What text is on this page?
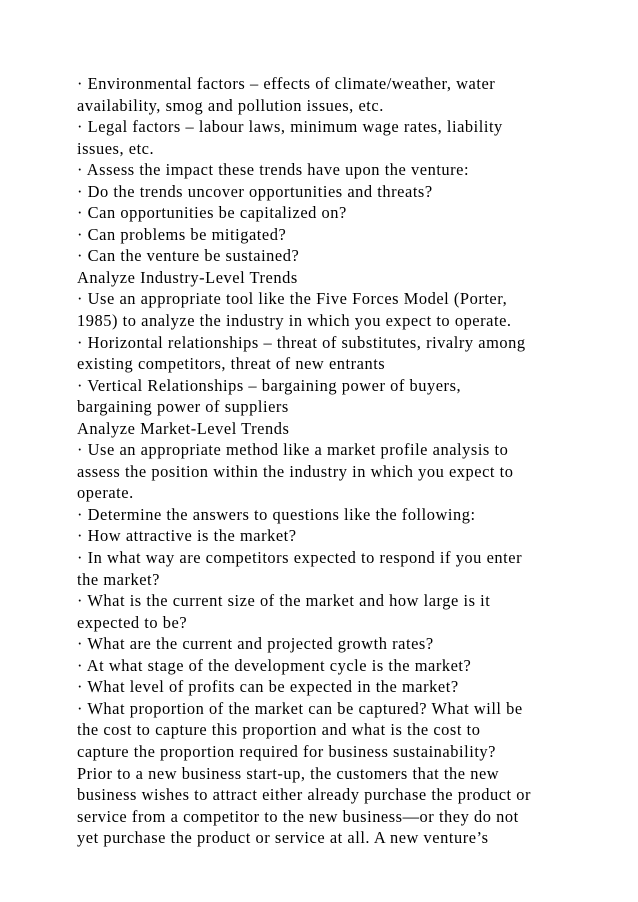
· Environmental factors – effects of climate/weather, water
availability, smog and pollution issues, etc.
· Legal factors – labour laws, minimum wage rates, liability
issues, etc.
· Assess the impact these trends have upon the venture:
· Do the trends uncover opportunities and threats?
· Can opportunities be capitalized on?
· Can problems be mitigated?
· Can the venture be sustained?
Analyze Industry-Level Trends
· Use an appropriate tool like the Five Forces Model (Porter,
1985) to analyze the industry in which you expect to operate.
· Horizontal relationships – threat of substitutes, rivalry among
existing competitors, threat of new entrants
· Vertical Relationships – bargaining power of buyers,
bargaining power of suppliers
Analyze Market-Level Trends
· Use an appropriate method like a market profile analysis to
assess the position within the industry in which you expect to
operate.
· Determine the answers to questions like the following:
· How attractive is the market?
· In what way are competitors expected to respond if you enter
the market?
· What is the current size of the market and how large is it
expected to be?
· What are the current and projected growth rates?
· At what stage of the development cycle is the market?
· What level of profits can be expected in the market?
· What proportion of the market can be captured? What will be
the cost to capture this proportion and what is the cost to
capture the proportion required for business sustainability?
Prior to a new business start-up, the customers that the new
business wishes to attract either already purchase the product or
service from a competitor to the new business—or they do not
yet purchase the product or service at all. A new venture’s
